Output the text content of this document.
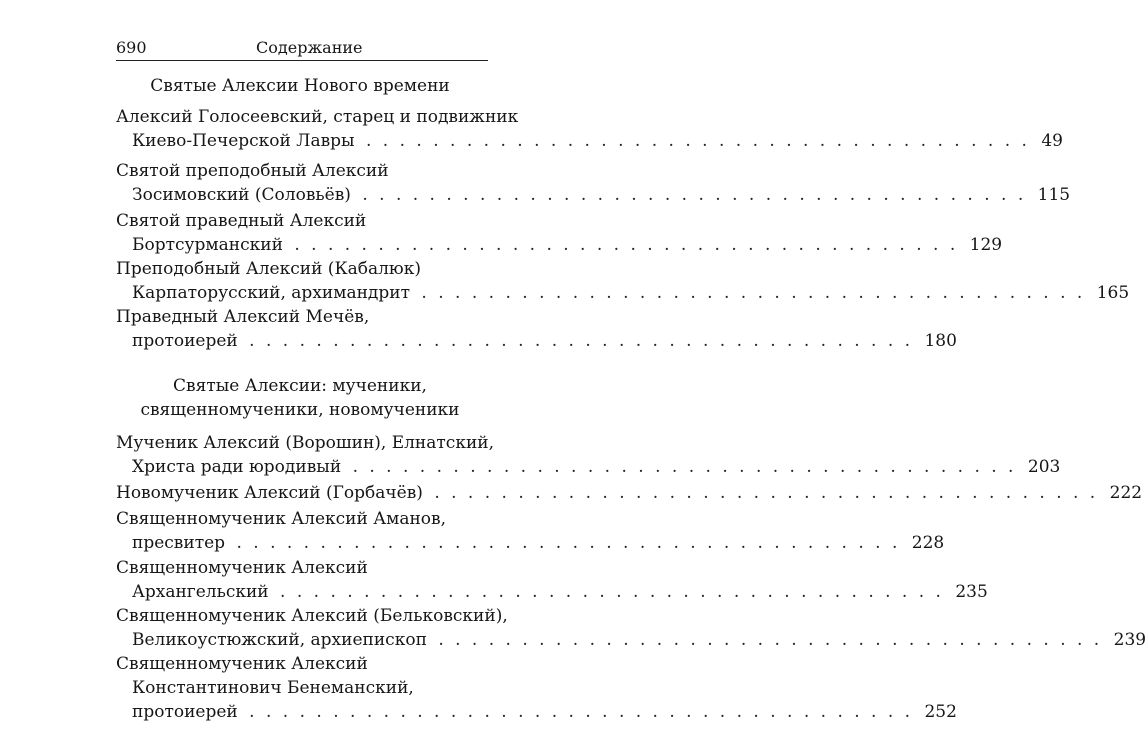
690	Содержание
Святые Алексии Нового времени
Алексий Голосеевский, старец и подвижник
Киево-Печерской Лавры . . .	49
Святой преподобный Алексий
Зосимовский (Соловьёв) . . .	115
Святой праведный Алексий
Бортсурманский . . .	129
Преподобный Алексий (Кабалюк)
Карпаторусский, архимандрит . . .	165
Праведный Алексий Мечёв,
протоиерей . . .	180
Святые Алексии: мученики,
священномученики, новомученики
Мученик Алексий (Ворошин), Елнатский,
Христа ради юродивый . . .	203
Новомученик Алексий (Горбачёв) . . .	222
Священномученик Алексий Аманов,
пресвитер . . .	228
Священномученик Алексий
Архангельский . . .	235
Священномученик Алексий (Бельковский),
Великоустюжский, архиепископ . . .	239
Священномученик Алексий
Константинович Бенеманский,
протоиерей . . .	252
